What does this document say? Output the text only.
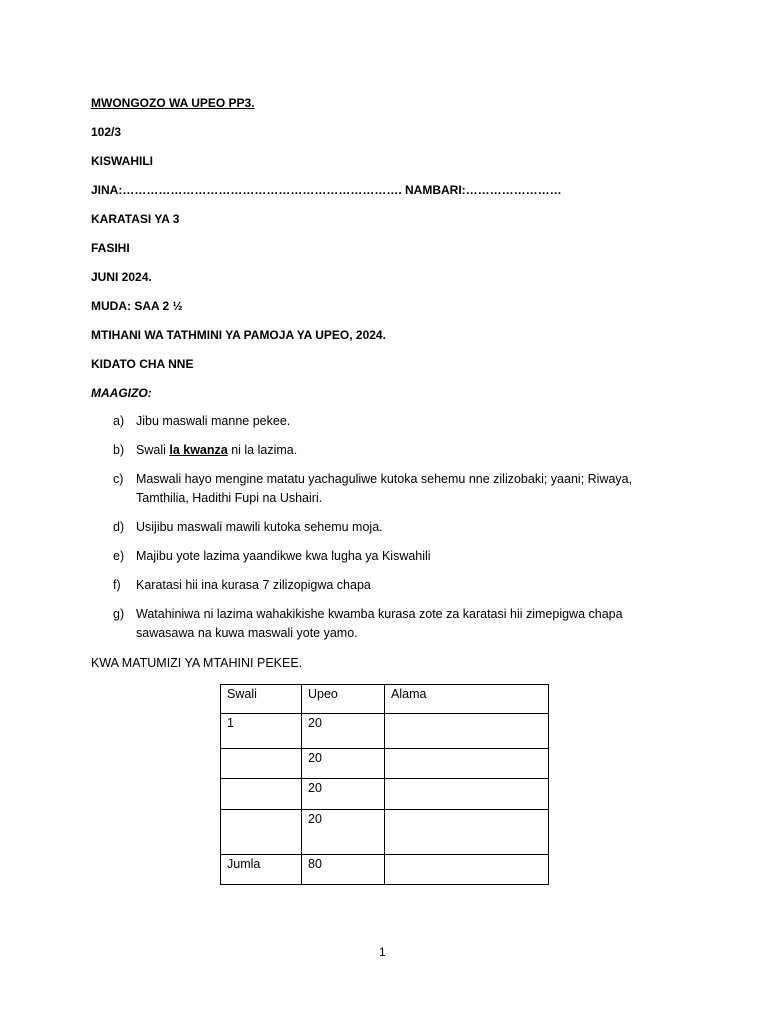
MWONGOZO WA UPEO PP3.
102/3
KISWAHILI
JINA:……………………………………………………………. NAMBARI:……………………
KARATASI YA 3
FASIHI
JUNI 2024.
MUDA: SAA 2 ½
MTIHANI WA TATHMINI YA PAMOJA YA UPEO, 2024.
KIDATO CHA NNE
MAAGIZO:
a) Jibu maswali manne pekee.
b) Swali la kwanza ni la lazima.
c) Maswali hayo mengine matatu yachaguliwe kutoka sehemu nne zilizobaki; yaani; Riwaya, Tamthilia, Hadithi Fupi na Ushairi.
d) Usijibu maswali mawili kutoka sehemu moja.
e) Majibu yote lazima yaandikwe kwa lugha ya Kiswahili
f) Karatasi hii ina kurasa 7 zilizopigwa chapa
g) Watahiniwa ni lazima wahakikishe kwamba kurasa zote za karatasi hii zimepigwa chapa sawasawa na kuwa maswali yote yamo.
KWA MATUMIZI YA MTAHINI PEKEE.
Swali	Upeo	Alama
1	20	
	20	
	20	
	20	
Jumla	80	
1
